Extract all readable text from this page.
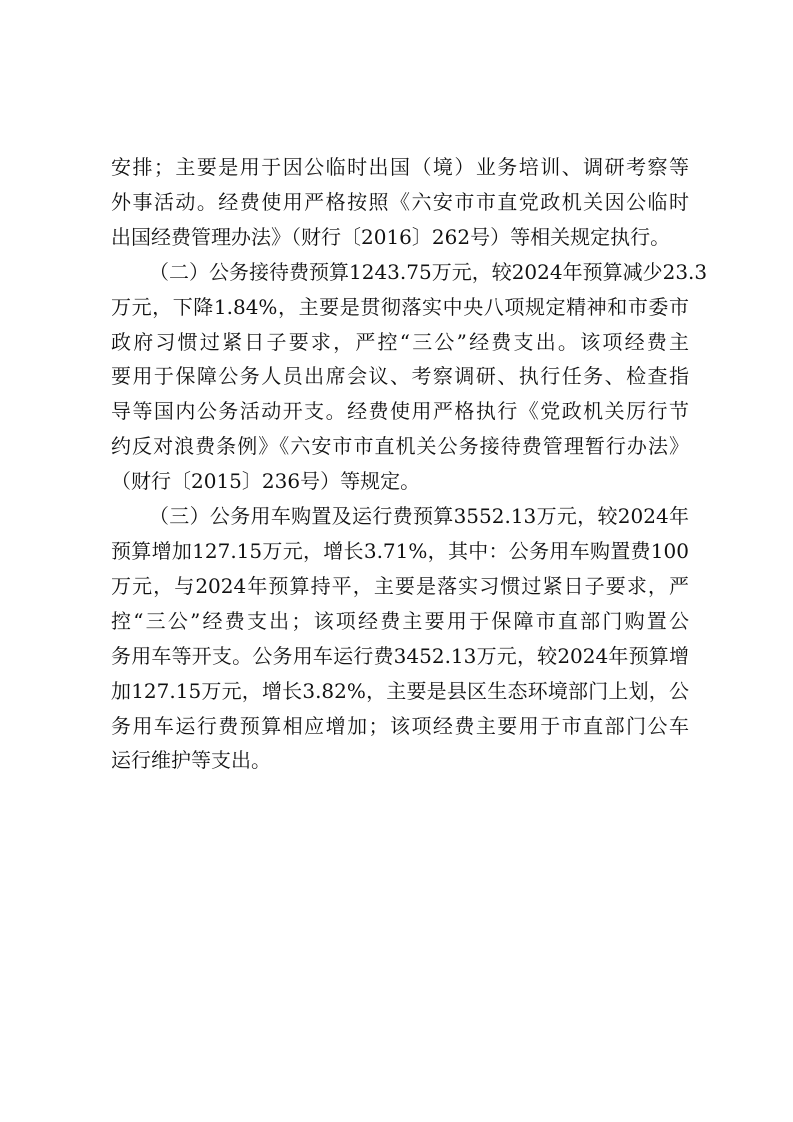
安排；主要是用于因公临时出国（境）业务培训、调研考察等
外事活动。经费使用严格按照《六安市市直党政机关因公临时
出国经费管理办法》（财行〔2016〕262号）等相关规定执行。
（二）公务接待费预算1243.75万元，较2024年预算减少23.3
万元，下降1.84%，主要是贯彻落实中央八项规定精神和市委市
政府习惯过紧日子要求，严控“三公”经费支出。该项经费主
要用于保障公务人员出席会议、考察调研、执行任务、检查指
导等国内公务活动开支。经费使用严格执行《党政机关厉行节
约反对浪费条例》《六安市市直机关公务接待费管理暂行办法》
（财行〔2015〕236号）等规定。
（三）公务用车购置及运行费预算3552.13万元，较2024年
预算增加127.15万元，增长3.71%，其中：公务用车购置费100
万元，与2024年预算持平，主要是落实习惯过紧日子要求，严
控“三公”经费支出；该项经费主要用于保障市直部门购置公
务用车等开支。公务用车运行费3452.13万元，较2024年预算增
加127.15万元，增长3.82%，主要是县区生态环境部门上划，公
务用车运行费预算相应增加；该项经费主要用于市直部门公车
运行维护等支出。
